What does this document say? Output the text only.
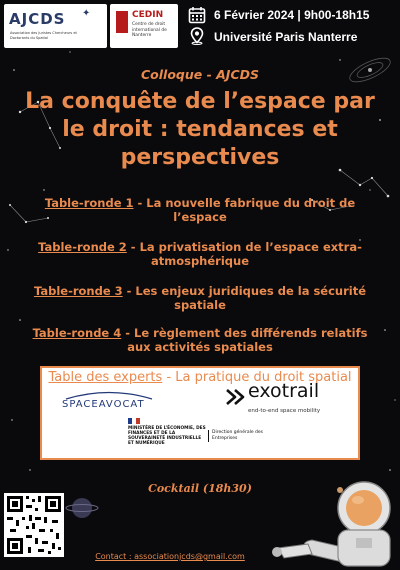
AJCDS ✦
Association des Juristes Chercheurs et Doctorants du Spatial
CEDIN
Centre de droit international de Nanterre
6 Février 2024 | 9h00-18h15
Université Paris Nanterre
Colloque - AJCDS
La conquête de l’espace par le droit : tendances et perspectives
Table-ronde 1 - La nouvelle fabrique du droit de l’espace
Table-ronde 2 - La privatisation de l’espace extra-atmosphérique
Table-ronde 3 - Les enjeux juridiques de la sécurité spatiale
Table-ronde 4 - Le règlement des différends relatifs aux activités spatiales
Table des experts - La pratique du droit spatial
SPACEAVOCAT
exotrail
end-to-end space mobility
MINISTÈRE DE L’ÉCONOMIE, DES FINANCES ET DE LA SOUVERAINETÉ INDUSTRIELLE ET NUMÉRIQUE
Direction générale des Entreprises
Cocktail (18h30)
Contact : associationjcds@gmail.com
